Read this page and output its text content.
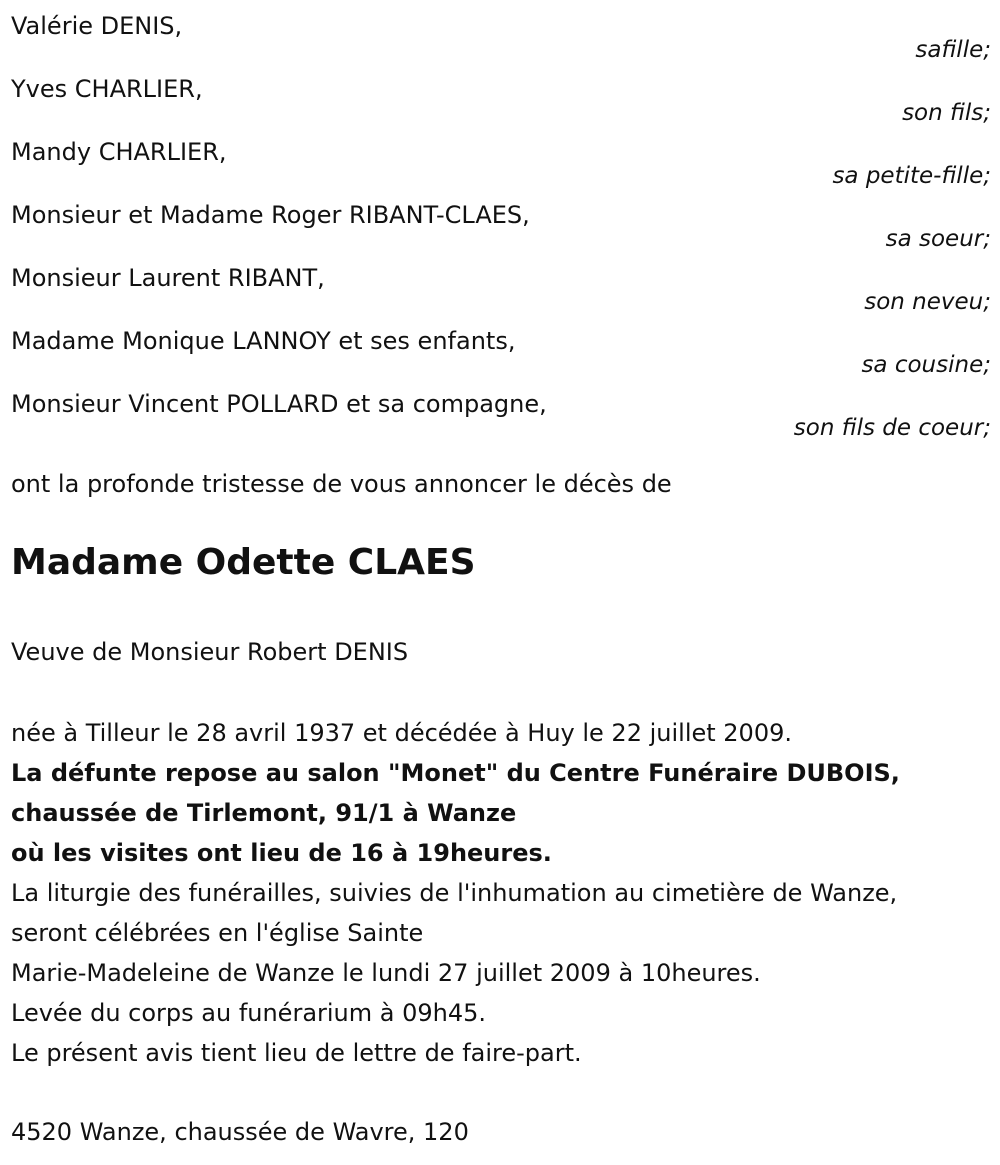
Valérie DENIS,
safille;
Yves CHARLIER,
son fils;
Mandy CHARLIER,
sa petite-fille;
Monsieur et Madame Roger RIBANT-CLAES,
sa soeur;
Monsieur Laurent RIBANT,
son neveu;
Madame Monique LANNOY et ses enfants,
sa cousine;
Monsieur Vincent POLLARD et sa compagne,
son fils de coeur;
ont la profonde tristesse de vous annoncer le décès de
Madame Odette CLAES
Veuve de Monsieur Robert DENIS
née à Tilleur le 28 avril 1937 et décédée à Huy le 22 juillet 2009.
La défunte repose au salon "Monet" du Centre Funéraire DUBOIS,
chaussée de Tirlemont, 91/1 à Wanze
où les visites ont lieu de 16 à 19heures.
La liturgie des funérailles, suivies de l'inhumation au cimetière de Wanze,
seront célébrées en l'église Sainte
Marie-Madeleine de Wanze le lundi 27 juillet 2009 à 10heures.
Levée du corps au funérarium à 09h45.
Le présent avis tient lieu de lettre de faire-part.
4520 Wanze, chaussée de Wavre, 120
